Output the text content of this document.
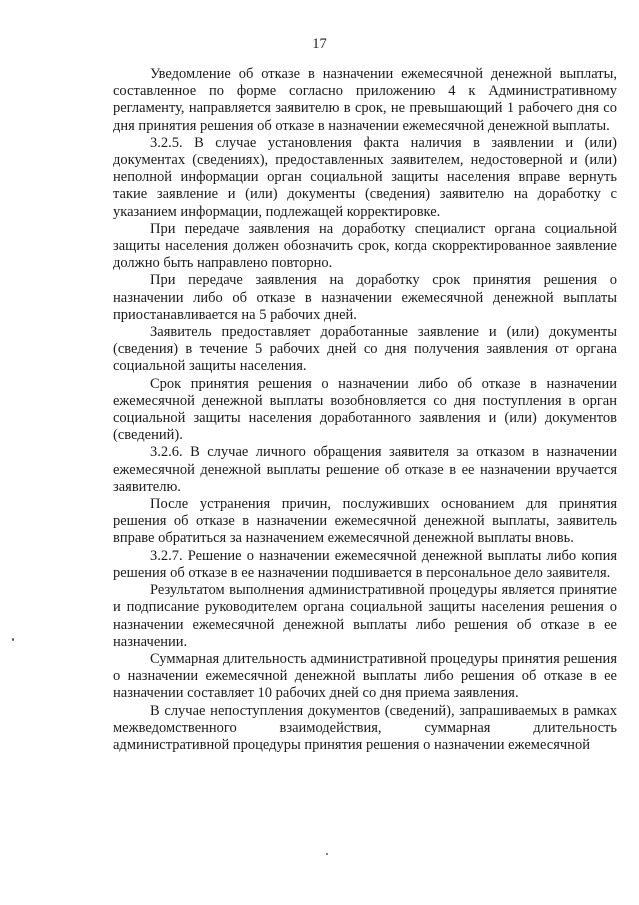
17

Уведомление об отказе в назначении ежемесячной денежной выплаты, составленное по форме согласно приложению 4 к Административному регламенту, направляется заявителю в срок, не превышающий 1 рабочего дня со дня принятия решения об отказе в назначении ежемесячной денежной выплаты.

3.2.5. В случае установления факта наличия в заявлении и (или) документах (сведениях), предоставленных заявителем, недостоверной и (или) неполной информации орган социальной защиты населения вправе вернуть такие заявление и (или) документы (сведения) заявителю на доработку с указанием информации, подлежащей корректировке.

При передаче заявления на доработку специалист органа социальной защиты населения должен обозначить срок, когда скорректированное заявление должно быть направлено повторно.

При передаче заявления на доработку срок принятия решения о назначении либо об отказе в назначении ежемесячной денежной выплаты приостанавливается на 5 рабочих дней.

Заявитель предоставляет доработанные заявление и (или) документы (сведения) в течение 5 рабочих дней со дня получения заявления от органа социальной защиты населения.

Срок принятия решения о назначении либо об отказе в назначении ежемесячной денежной выплаты возобновляется со дня поступления в орган социальной защиты населения доработанного заявления и (или) документов (сведений).

3.2.6. В случае личного обращения заявителя за отказом в назначении ежемесячной денежной выплаты решение об отказе в ее назначении вручается заявителю.

После устранения причин, послуживших основанием для принятия решения об отказе в назначении ежемесячной денежной выплаты, заявитель вправе обратиться за назначением ежемесячной денежной выплаты вновь.

3.2.7. Решение о назначении ежемесячной денежной выплаты либо копия решения об отказе в ее назначении подшивается в персональное дело заявителя.

Результатом выполнения административной процедуры является принятие и подписание руководителем органа социальной защиты населения решения о назначении ежемесячной денежной выплаты либо решения об отказе в ее назначении.

Суммарная длительность административной процедуры принятия решения о назначении ежемесячной денежной выплаты либо решения об отказе в ее назначении составляет 10 рабочих дней со дня приема заявления.

В случае непоступления документов (сведений), запрашиваемых в рамках межведомственного взаимодействия, суммарная длительность административной процедуры принятия решения о назначении ежемесячной
